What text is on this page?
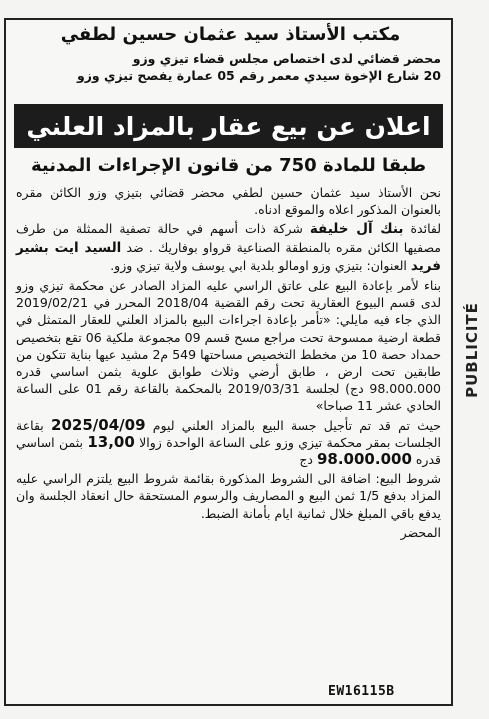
مكتب الأستاذ سيد عثمان حسين لطفي
محضر قضائي لدى اختصاص مجلس قضاء تيزي وزو
20 شارع الإخوة سيدي معمر رقم 05 عمارة يفصح تيزي وزو
اعلان عن بيع عقار بالمزاد العلني
طبقا للمادة 750 من قانون الإجراءات المدنية

نحن الأستاذ سيد عثمان حسين لطفي محضر قضائي بتيزي وزو الكائن مقره بالعنوان المذكور اعلاه والموقع ادناه.

لفائدة بنك آل خليفة شركة ذات أسهم في حالة تصفية الممثلة من طرف مصفيها الكائن مقره بالمنطقة الصناعية قرواو بوفاريك . ضد السيد ايت بشير فريد العنوان: بتيزي وزو اومالو بلدية ابي يوسف ولاية تيزي وزو.

بناء لأمر بإعادة البيع على عاتق الراسي عليه المزاد الصادر عن محكمة تيزي وزو لدى قسم البيوع العقارية تحت رقم القضية 2018/04 المحرر في 2019/02/21 الذي جاء فيه مايلي: «تأمر بإعادة اجراءات البيع بالمزاد العلني للعقار المتمثل في قطعة ارضية ممسوحة تحت مراجع مسح قسم 09 مجموعة ملكية 06 تقع بتخصيص حمداد حصة 10 من مخطط التخصيص مساحتها 549 م2 مشيد عيها بناية تتكون من طابقين تحت ارض ، طابق أرضي وثلاث طوابق علوية بثمن اساسي قدره 98.000.000 دج) لجلسة 2019/03/31 بالمحكمة بالقاعة رقم 01 على الساعة الحادي عشر 11 صباحا»

حيث تم قد تم تأجيل جسة البيع بالمزاد العلني ليوم 2025/04/09 بقاعة الجلسات بمقر محكمة تيزي وزو على الساعة الواحدة زوالا 13,00 بثمن اساسي قدره 98.000.000 دج

شروط البيع: اضافة الى الشروط المذكورة بقائمة شروط البيع يلتزم الراسي عليه المزاد بدفع 1/5 ثمن البيع و المصاريف والرسوم المستحقة حال انعقاد الجلسة وان يدفع باقي المبلغ خلال ثمانية ايام بأمانة الضبط.

المحضر

EW16115B
PUBLICITÉ
